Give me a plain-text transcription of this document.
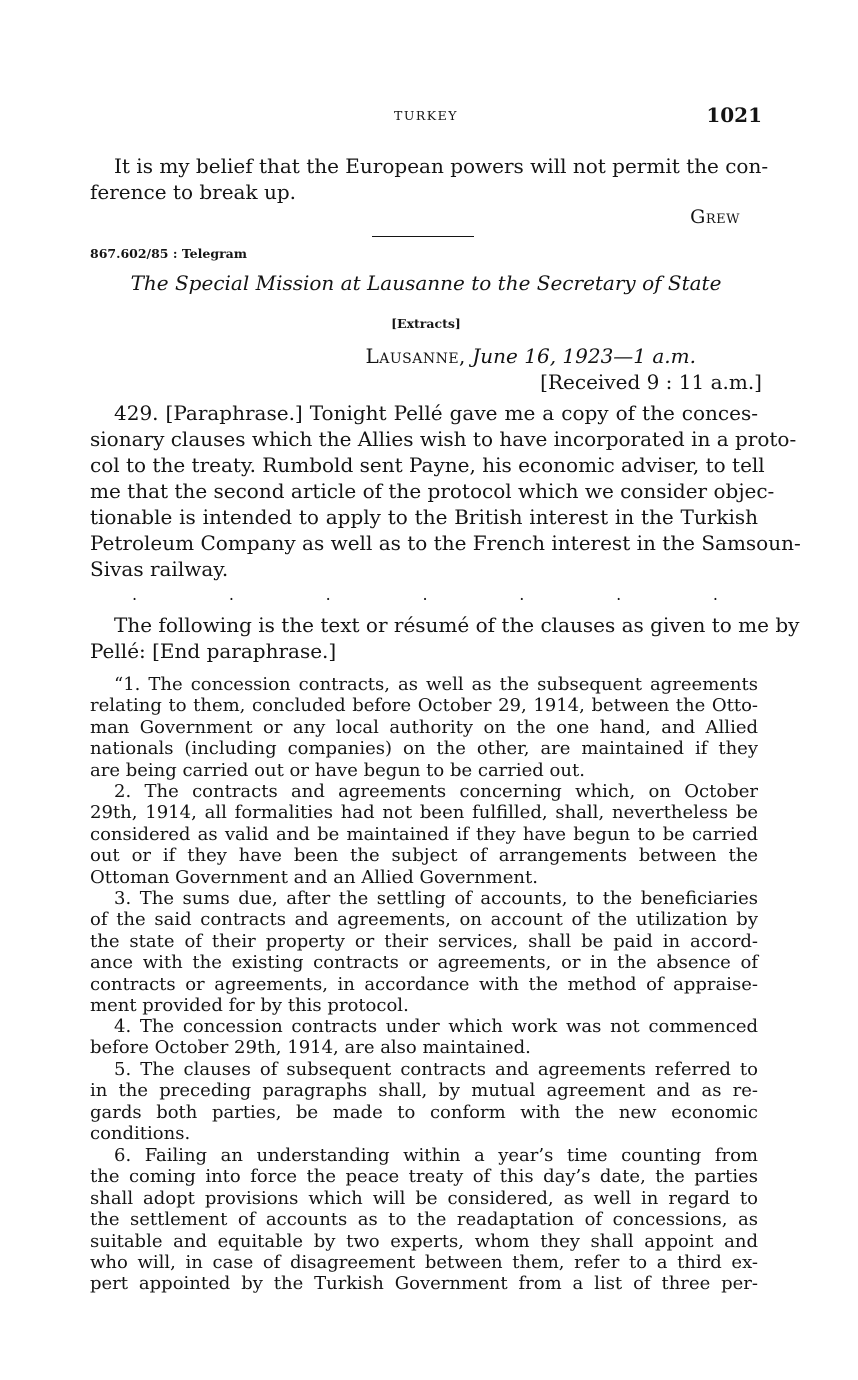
TURKEY	1021
It is my belief that the European powers will not permit the con-
ference to break up.

Grew

867.602/85 : Telegram

The Special Mission at Lausanne to the Secretary of State

[Extracts]

Lausanne, June 16, 1923—1 a.m.

[Received 9 : 11 a.m.]

429. [Paraphrase.] Tonight Pellé gave me a copy of the conces-
sionary clauses which the Allies wish to have incorporated in a proto-
col to the treaty. Rumbold sent Payne, his economic adviser, to tell
me that the second article of the protocol which we consider objec-
tionable is intended to apply to the British interest in the Turkish
Petroleum Company as well as to the French interest in the Samsoun-
Sivas railway.
.	.	.	.	.	.	.
The following is the text or résumé of the clauses as given to me by
Pellé: [End paraphrase.]
“1. The concession contracts, as well as the subsequent agreements
relating to them, concluded before October 29, 1914, between the Otto-
man Government or any local authority on the one hand, and Allied
nationals (including companies) on the other, are maintained if they
are being carried out or have begun to be carried out.
2. The contracts and agreements concerning which, on October
29th, 1914, all formalities had not been fulfilled, shall, nevertheless be
considered as valid and be maintained if they have begun to be carried
out or if they have been the subject of arrangements between the
Ottoman Government and an Allied Government.
3. The sums due, after the settling of accounts, to the beneficiaries
of the said contracts and agreements, on account of the utilization by
the state of their property or their services, shall be paid in accord-
ance with the existing contracts or agreements, or in the absence of
contracts or agreements, in accordance with the method of appraise-
ment provided for by this protocol.
4. The concession contracts under which work was not commenced
before October 29th, 1914, are also maintained.
5. The clauses of subsequent contracts and agreements referred to
in the preceding paragraphs shall, by mutual agreement and as re-
gards both parties, be made to conform with the new economic
conditions.
6. Failing an understanding within a year’s time counting from
the coming into force the peace treaty of this day’s date, the parties
shall adopt provisions which will be considered, as well in regard to
the settlement of accounts as to the readaptation of concessions, as
suitable and equitable by two experts, whom they shall appoint and
who will, in case of disagreement between them, refer to a third ex-
pert appointed by the Turkish Government from a list of three per-
